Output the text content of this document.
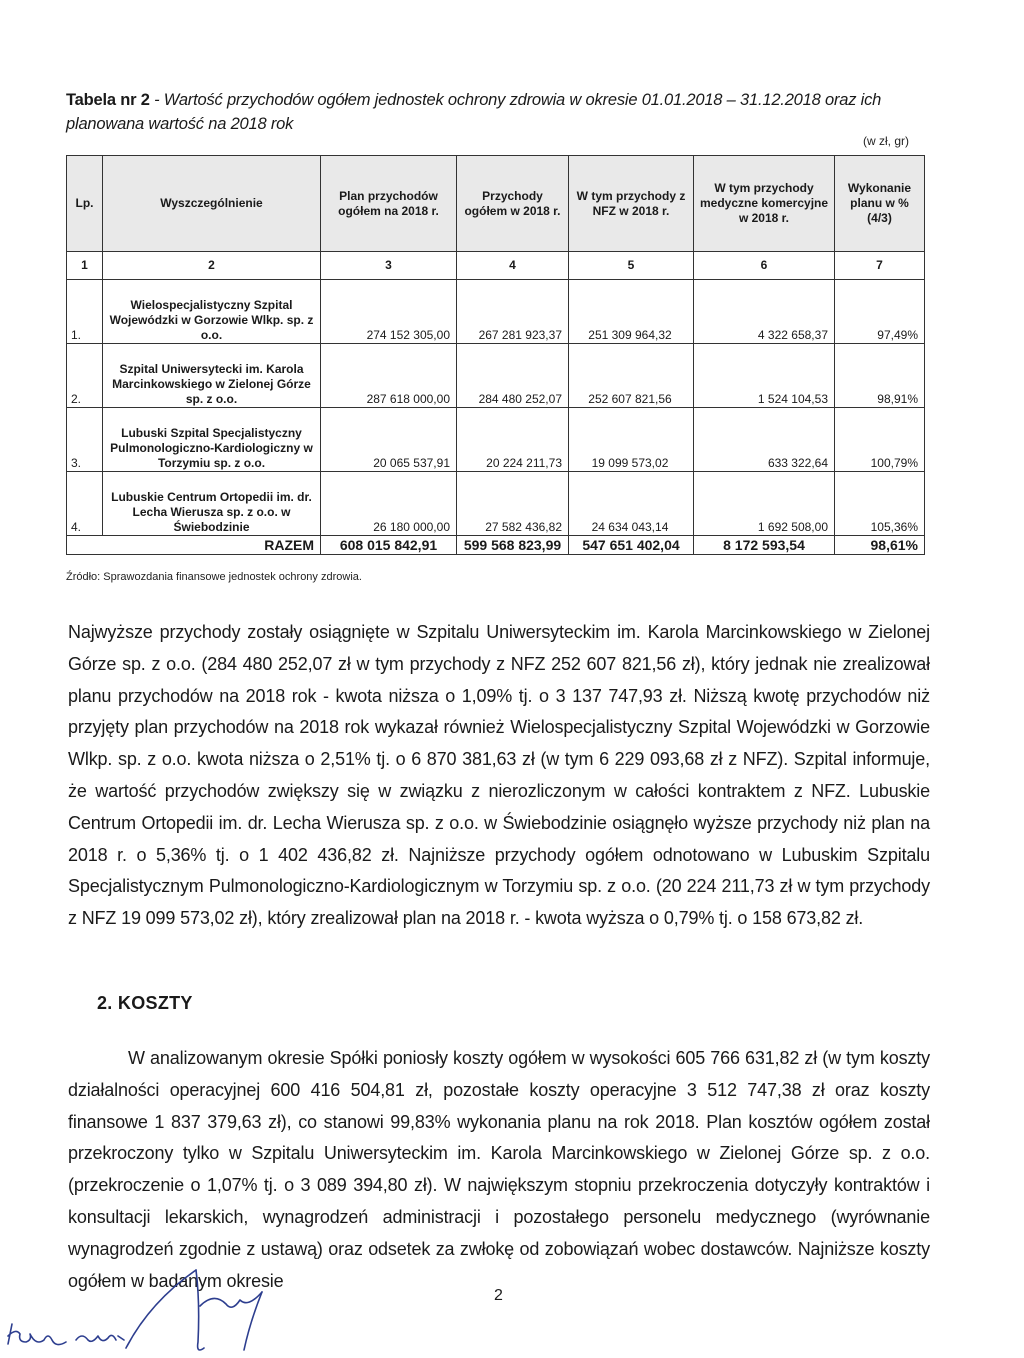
Tabela nr 2 - Wartość przychodów ogółem jednostek ochrony zdrowia w okresie 01.01.2018 – 31.12.2018 oraz ich planowana wartość na 2018 rok
(w zł, gr)
Lp.	Wyszczególnienie	Plan przychodów ogółem na 2018 r.	Przychody ogółem w 2018 r.	W tym przychody z NFZ w 2018 r.	W tym przychody medyczne komercyjne w 2018 r.	Wykonanie planu w % (4/3)
1	2	3	4	5	6	7
1.	Wielospecjalistyczny Szpital Wojewódzki w Gorzowie Wlkp. sp. z o.o.	274 152 305,00	267 281 923,37	251 309 964,32	4 322 658,37	97,49%
2.	Szpital Uniwersytecki im. Karola Marcinkowskiego w Zielonej Górze sp. z o.o.	287 618 000,00	284 480 252,07	252 607 821,56	1 524 104,53	98,91%
3.	Lubuski Szpital Specjalistyczny Pulmonologiczno-Kardiologiczny w Torzymiu sp. z o.o.	20 065 537,91	20 224 211,73	19 099 573,02	633 322,64	100,79%
4.	Lubuskie Centrum Ortopedii im. dr. Lecha Wierusza sp. z o.o. w Świebodzinie	26 180 000,00	27 582 436,82	24 634 043,14	1 692 508,00	105,36%
RAZEM		608 015 842,91	599 568 823,99	547 651 402,04	8 172 593,54	98,61%
Źródło: Sprawozdania finansowe jednostek ochrony zdrowia.

Najwyższe przychody zostały osiągnięte w Szpitalu Uniwersyteckim im. Karola Marcinkowskiego w Zielonej Górze sp. z o.o. (284 480 252,07 zł w tym przychody z NFZ 252 607 821,56 zł), który jednak nie zrealizował planu przychodów na 2018 rok - kwota niższa o 1,09% tj. o 3 137 747,93 zł. Niższą kwotę przychodów niż przyjęty plan przychodów na 2018 rok wykazał również Wielospecjalistyczny Szpital Wojewódzki w Gorzowie Wlkp. sp. z o.o. kwota niższa o 2,51% tj. o 6 870 381,63 zł (w tym 6 229 093,68 zł z NFZ). Szpital informuje, że wartość przychodów zwiększy się w związku z nierozliczonym w całości kontraktem z NFZ. Lubuskie Centrum Ortopedii im. dr. Lecha Wierusza sp. z o.o. w Świebodzinie osiągnęło wyższe przychody niż plan na 2018 r. o 5,36% tj. o 1 402 436,82 zł. Najniższe przychody ogółem odnotowano w Lubuskim Szpitalu Specjalistycznym Pulmonologiczno-Kardiologicznym w Torzymiu sp. z o.o. (20 224 211,73 zł w tym przychody z NFZ 19 099 573,02 zł), który zrealizował plan na 2018 r. - kwota wyższa o 0,79% tj. o 158 673,82 zł.

2. KOSZTY

W analizowanym okresie Spółki poniosły koszty ogółem w wysokości 605 766 631,82 zł (w tym koszty działalności operacyjnej 600 416 504,81 zł, pozostałe koszty operacyjne 3 512 747,38 zł oraz koszty finansowe 1 837 379,63 zł), co stanowi 99,83% wykonania planu na rok 2018. Plan kosztów ogółem został przekroczony tylko w Szpitalu Uniwersyteckim im. Karola Marcinkowskiego w Zielonej Górze sp. z o.o. (przekroczenie o 1,07% tj. o 3 089 394,80 zł). W największym stopniu przekroczenia dotyczyły kontraktów i konsultacji lekarskich, wynagrodzeń administracji i pozostałego personelu medycznego (wyrównanie wynagrodzeń zgodnie z ustawą) oraz odsetek za zwłokę od zobowiązań wobec dostawców. Najniższe koszty ogółem w badanym okresie

2
